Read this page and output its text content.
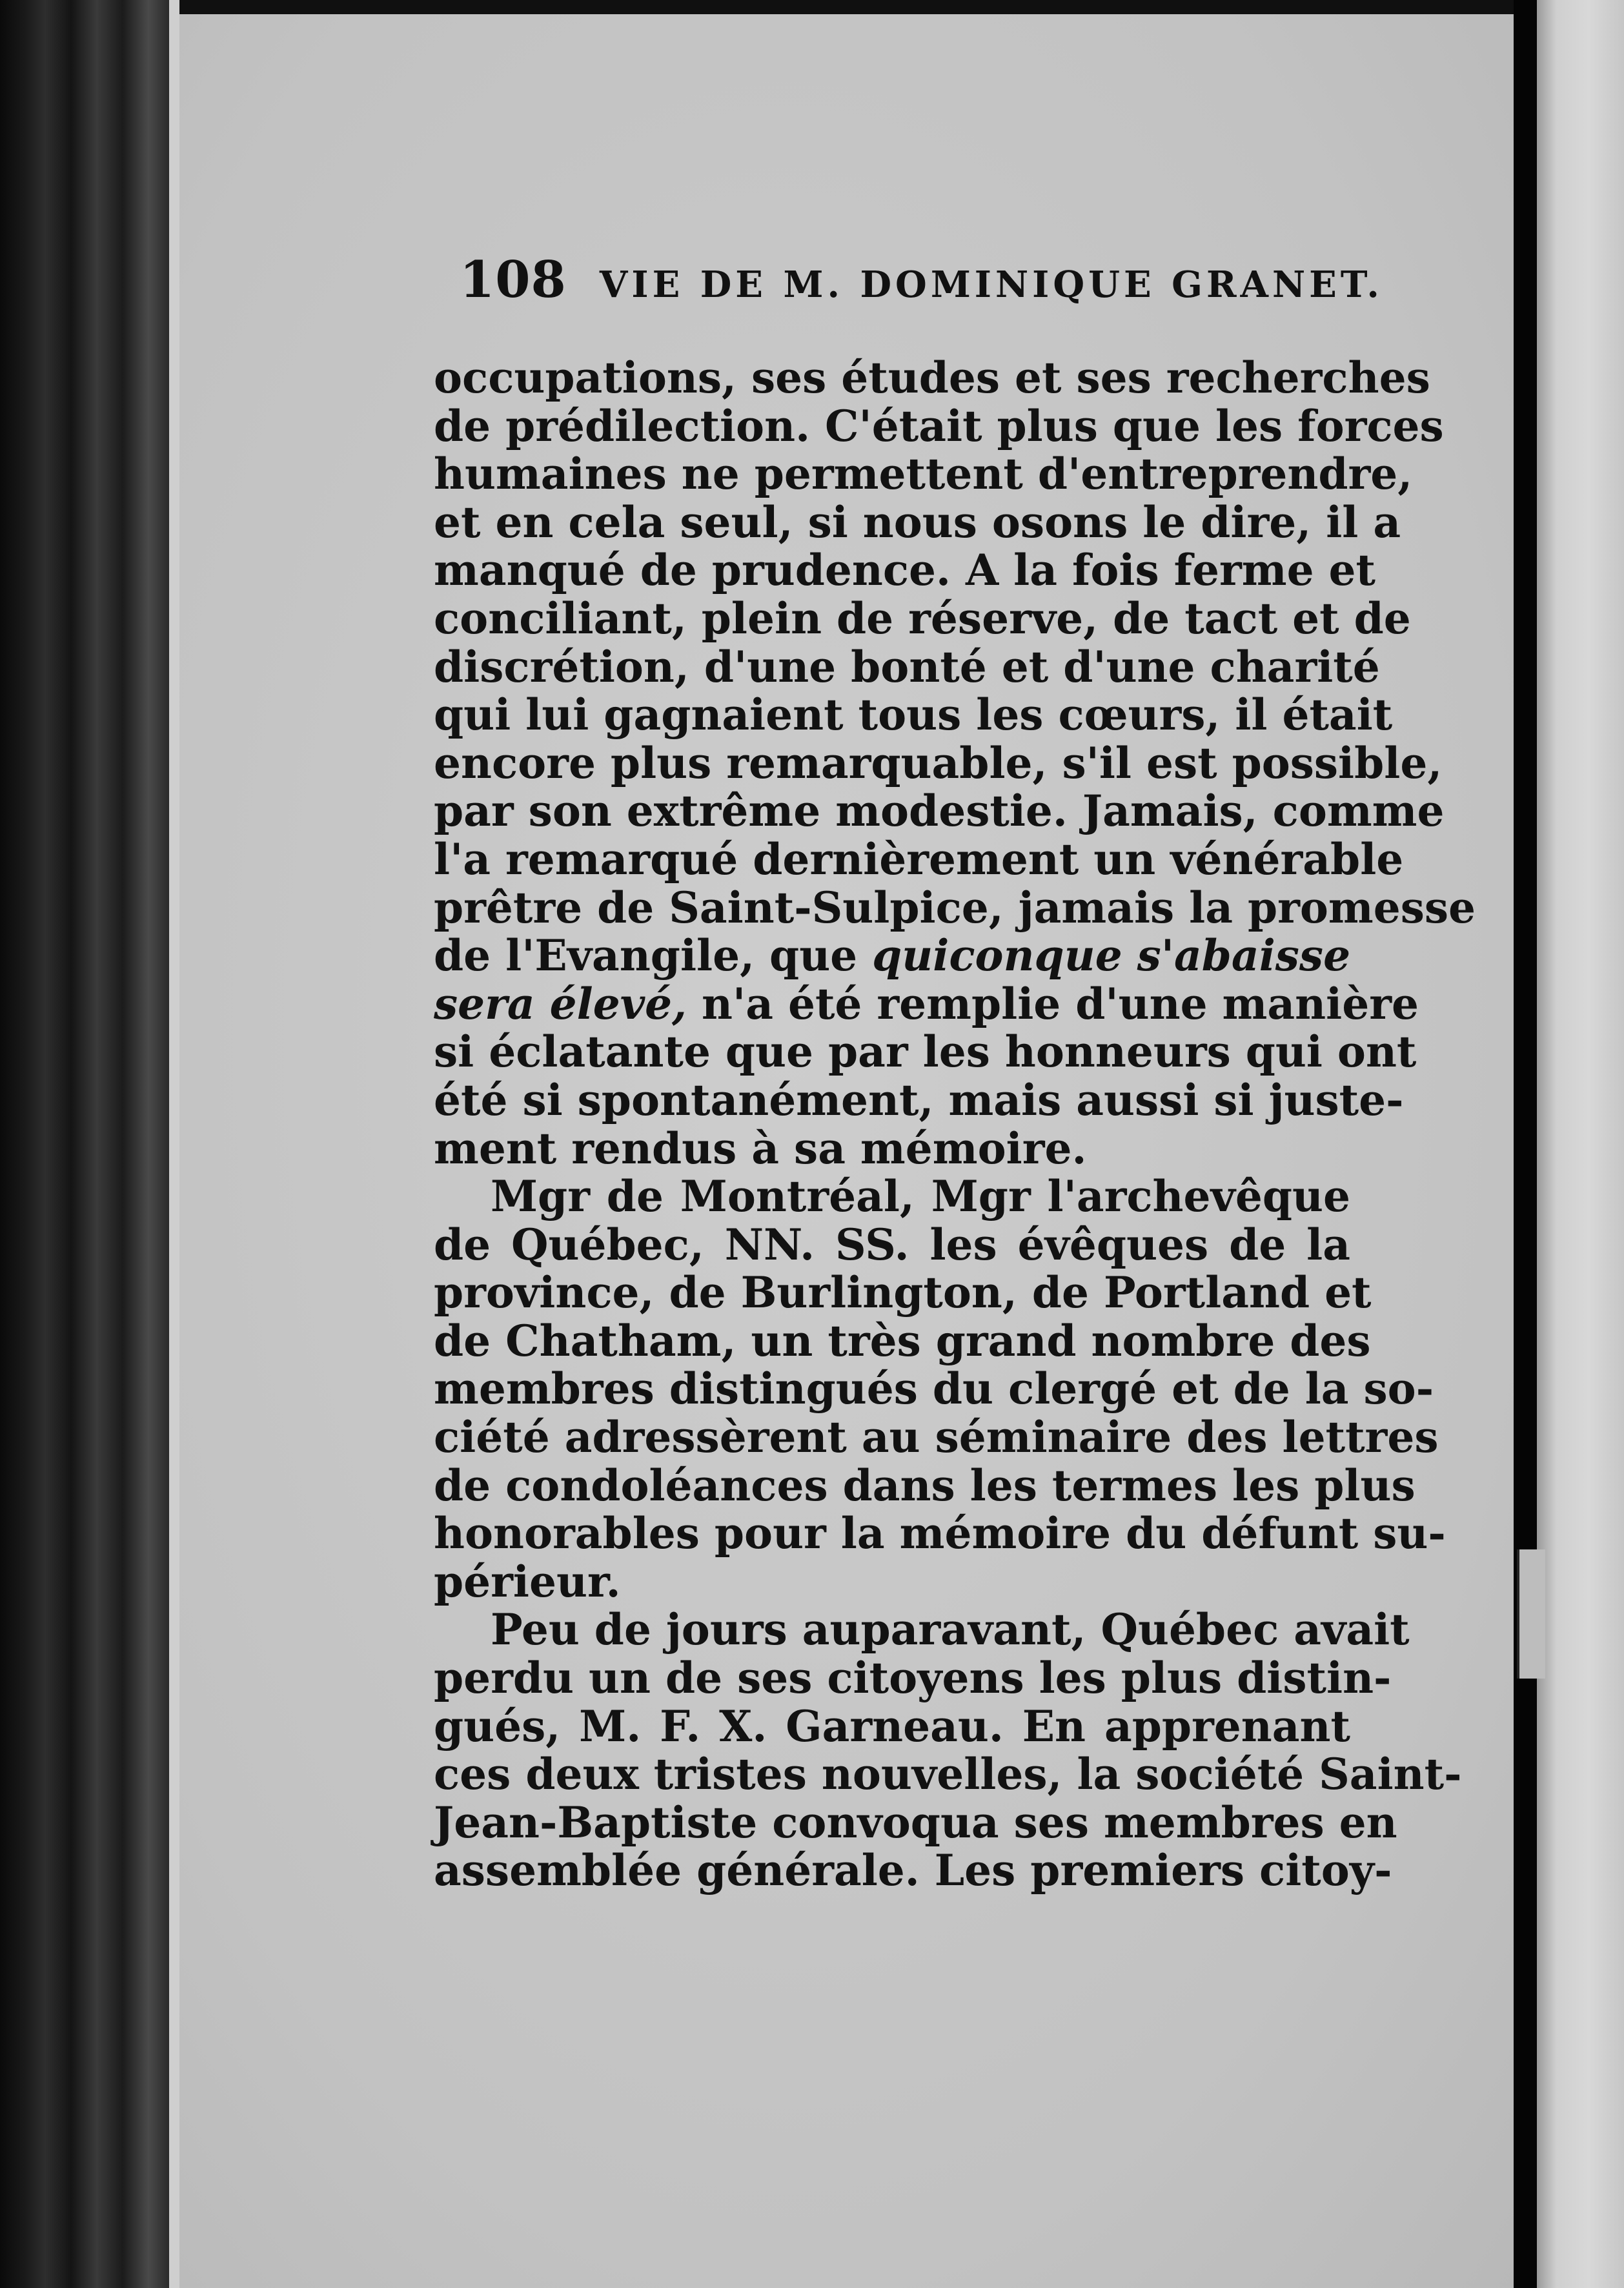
108 VIE DE M. DOMINIQUE GRANET.
occupations, ses études et ses recherches
de prédilection. C'était plus que les forces
humaines ne permettent d'entreprendre,
et en cela seul, si nous osons le dire, il a
manqué de prudence. A la fois ferme et
conciliant, plein de réserve, de tact et de
discrétion, d'une bonté et d'une charité
qui lui gagnaient tous les cœurs, il était
encore plus remarquable, s'il est possible,
par son extrême modestie. Jamais, comme
l'a remarqué dernièrement un vénérable
prêtre de Saint-Sulpice, jamais la promesse
de l'Evangile, que quiconque s'abaisse
sera élevé, n'a été remplie d'une manière
si éclatante que par les honneurs qui ont
été si spontanément, mais aussi si juste-
ment rendus à sa mémoire.
Mgr de Montréal, Mgr l'archevêque
de Québec, NN. SS. les évêques de la
province, de Burlington, de Portland et
de Chatham, un très grand nombre des
membres distingués du clergé et de la so-
ciété adressèrent au séminaire des lettres
de condoléances dans les termes les plus
honorables pour la mémoire du défunt su-
périeur.
Peu de jours auparavant, Québec avait
perdu un de ses citoyens les plus distin-
gués, M. F. X. Garneau. En apprenant
ces deux tristes nouvelles, la société Saint-
Jean-Baptiste convoqua ses membres en
assemblée générale. Les premiers citoy-
